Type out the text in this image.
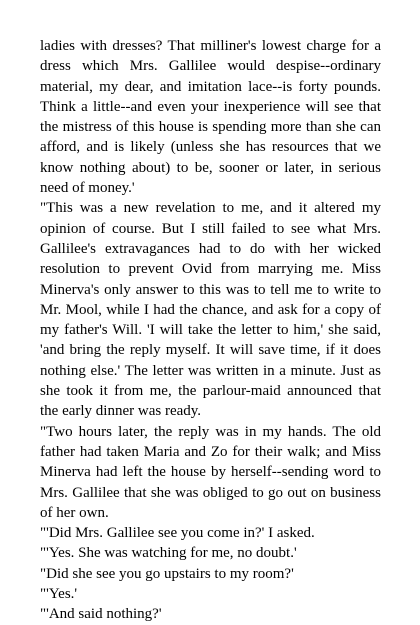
ladies with dresses? That milliner's lowest charge for a dress which Mrs. Gallilee would despise--ordinary material, my dear, and imitation lace--is forty pounds. Think a little--and even your inexperience will see that the mistress of this house is spending more than she can afford, and is likely (unless she has resources that we know nothing about) to be, sooner or later, in serious need of money.'

"This was a new revelation to me, and it altered my opinion of course. But I still failed to see what Mrs. Gallilee's extravagances had to do with her wicked resolution to prevent Ovid from marrying me. Miss Minerva's only answer to this was to tell me to write to Mr. Mool, while I had the chance, and ask for a copy of my father's Will. 'I will take the letter to him,' she said, 'and bring the reply myself. It will save time, if it does nothing else.' The letter was written in a minute. Just as she took it from me, the parlour-maid announced that the early dinner was ready.

"Two hours later, the reply was in my hands. The old father had taken Maria and Zo for their walk; and Miss Minerva had left the house by herself--sending word to Mrs. Gallilee that she was obliged to go out on business of her own.

"'Did Mrs. Gallilee see you come in?' I asked.

"'Yes. She was watching for me, no doubt.'

"Did she see you go upstairs to my room?'

"'Yes.'

"'And said nothing?'
